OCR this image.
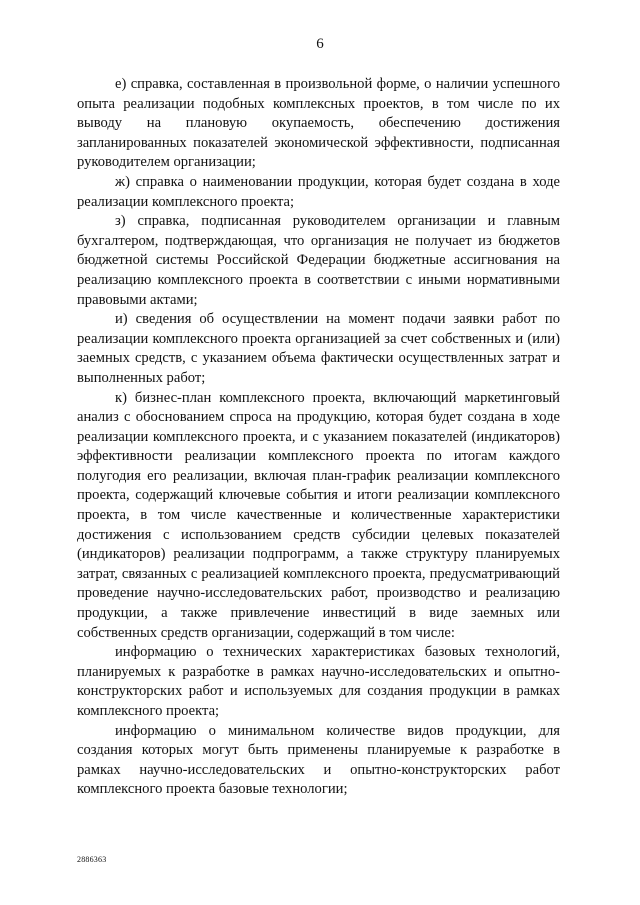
6

е) справка, составленная в произвольной форме, о наличии успешного опыта реализации подобных комплексных проектов, в том числе по их выводу на плановую окупаемость, обеспечению достижения запланированных показателей экономической эффективности, подписанная руководителем организации;

ж) справка о наименовании продукции, которая будет создана в ходе реализации комплексного проекта;

з) справка, подписанная руководителем организации и главным бухгалтером, подтверждающая, что организация не получает из бюджетов бюджетной системы Российской Федерации бюджетные ассигнования на реализацию комплексного проекта в соответствии с иными нормативными правовыми актами;

и) сведения об осуществлении на момент подачи заявки работ по реализации комплексного проекта организацией за счет собственных и (или) заемных средств, с указанием объема фактически осуществленных затрат и выполненных работ;

к) бизнес-план комплексного проекта, включающий маркетинговый анализ с обоснованием спроса на продукцию, которая будет создана в ходе реализации комплексного проекта, и с указанием показателей (индикаторов) эффективности реализации комплексного проекта по итогам каждого полугодия его реализации, включая план-график реализации комплексного проекта, содержащий ключевые события и итоги реализации комплексного проекта, в том числе качественные и количественные характеристики достижения с использованием средств субсидии целевых показателей (индикаторов) реализации подпрограмм, а также структуру планируемых затрат, связанных с реализацией комплексного проекта, предусматривающий проведение научно-исследовательских работ, производство и реализацию продукции, а также привлечение инвестиций в виде заемных или собственных средств организации, содержащий в том числе:

информацию о технических характеристиках базовых технологий, планируемых к разработке в рамках научно-исследовательских и опытно-конструкторских работ и используемых для создания продукции в рамках комплексного проекта;

информацию о минимальном количестве видов продукции, для создания которых могут быть применены планируемые к разработке в рамках научно-исследовательских и опытно-конструкторских работ комплексного проекта базовые технологии;

2886363
